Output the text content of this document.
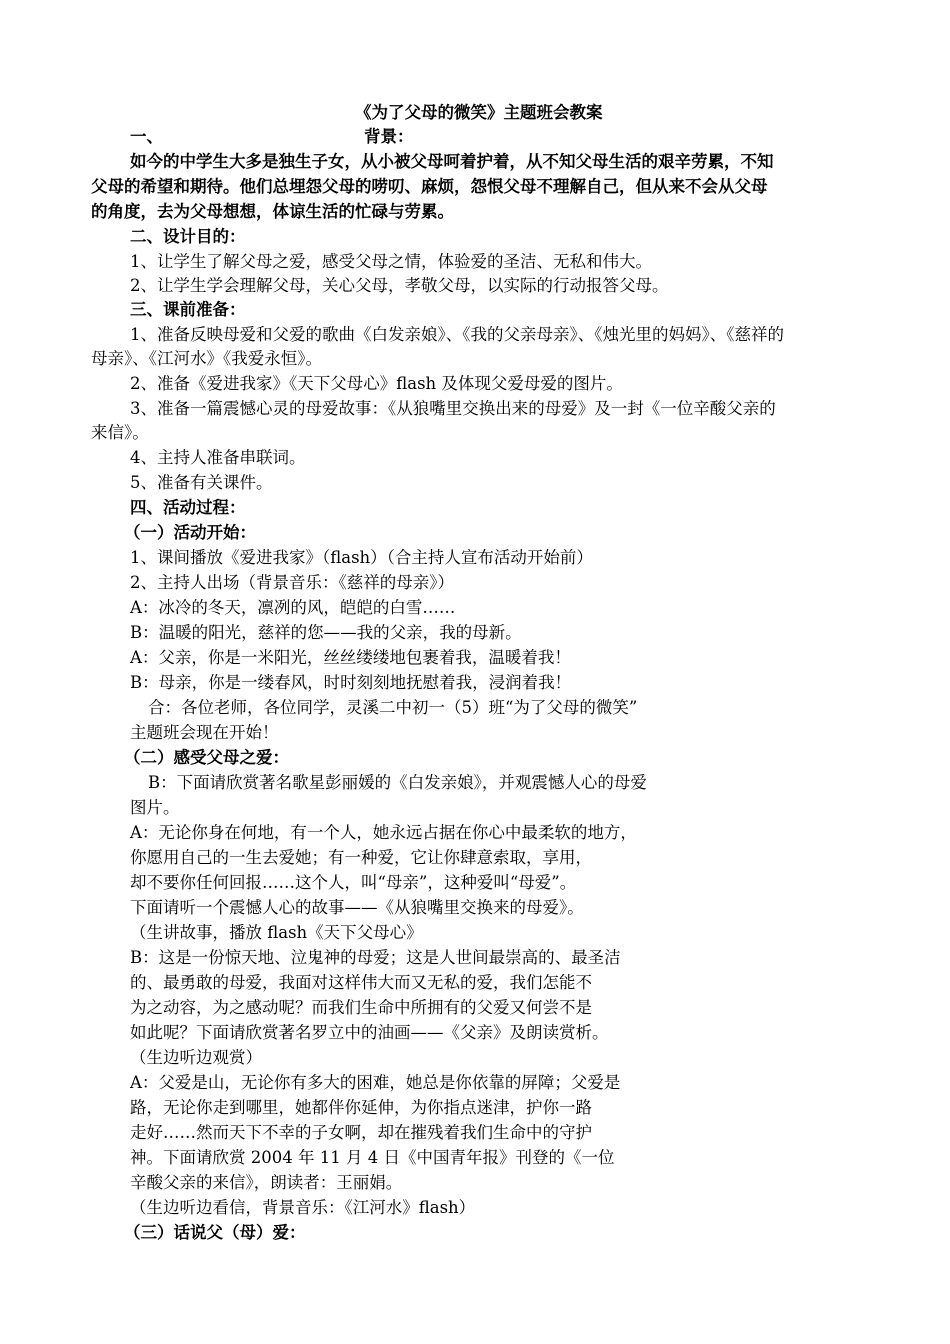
《为了父母的微笑》主题班会教案
一、	背景：
如今的中学生大多是独生子女，从小被父母呵着护着，从不知父母生活的艰辛劳累，不知
父母的希望和期待。他们总埋怨父母的唠叨、麻烦，怨恨父母不理解自己，但从来不会从父母
的角度，去为父母想想，体谅生活的忙碌与劳累。
二、设计目的：
1、让学生了解父母之爱，感受父母之情，体验爱的圣洁、无私和伟大。
2、让学生学会理解父母，关心父母，孝敬父母，以实际的行动报答父母。
三、课前准备：
1、准备反映母爱和父爱的歌曲《白发亲娘》、《我的父亲母亲》、《烛光里的妈妈》、《慈祥的
母亲》、《江河水》《我爱永恒》。
2、准备《爱进我家》《天下父母心》flash 及体现父爱母爱的图片。
3、准备一篇震憾心灵的母爱故事：《从狼嘴里交换出来的母爱》及一封《一位辛酸父亲的
来信》。
4、主持人准备串联词。
5、准备有关课件。
四、活动过程：
（一）活动开始：
1、课间播放《爱进我家》（flash）（合主持人宣布活动开始前）
2、主持人出场（背景音乐：《慈祥的母亲》）
A：冰冷的冬天，凛冽的风，皑皑的白雪……
B：温暖的阳光，慈祥的您——我的父亲，我的母新。
A：父亲，你是一米阳光，丝丝缕缕地包裹着我，温暖着我！
B：母亲，你是一缕春风，时时刻刻地抚慰着我，浸润着我！
合：各位老师，各位同学，灵溪二中初一（5）班“为了父母的微笑”
主题班会现在开始！
（二）感受父母之爱：
B：下面请欣赏著名歌星彭丽媛的《白发亲娘》，并观震憾人心的母爱
图片。
A：无论你身在何地，有一个人，她永远占据在你心中最柔软的地方，
你愿用自己的一生去爱她；有一种爱，它让你肆意索取，享用，
却不要你任何回报……这个人，叫“母亲”，这种爱叫“母爱”。
下面请听一个震憾人心的故事——《从狼嘴里交换来的母爱》。
（生讲故事，播放 flash《天下父母心》
B：这是一份惊天地、泣鬼神的母爱；这是人世间最崇高的、最圣洁
的、最勇敢的母爱，我面对这样伟大而又无私的爱，我们怎能不
为之动容，为之感动呢？而我们生命中所拥有的父爱又何尝不是
如此呢？下面请欣赏著名罗立中的油画——《父亲》及朗读赏析。
（生边听边观赏）
A：父爱是山，无论你有多大的困难，她总是你依靠的屏障；父爱是
路，无论你走到哪里，她都伴你延伸，为你指点迷津，护你一路
走好……然而天下不幸的子女啊，却在摧残着我们生命中的守护
神。下面请欣赏 2004 年 11 月 4 日《中国青年报》刊登的《一位
辛酸父亲的来信》，朗读者：王丽娟。
（生边听边看信，背景音乐：《江河水》flash）
（三）话说父（母）爱：
